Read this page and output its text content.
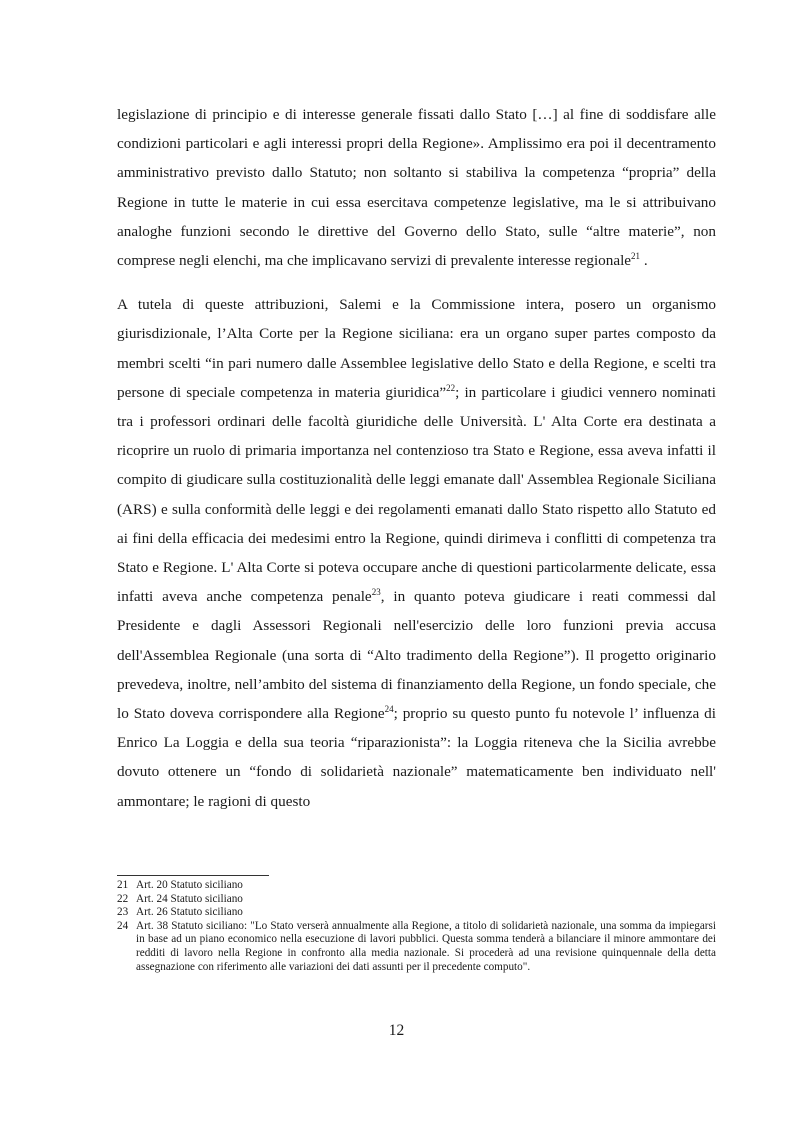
legislazione di principio e di interesse generale fissati dallo Stato […] al fine di soddisfare alle condizioni particolari e agli interessi propri della Regione». Amplissimo era poi il decentramento amministrativo previsto dallo Statuto; non soltanto si stabiliva la competenza “propria” della Regione in tutte le materie in cui essa esercitava competenze legislative, ma le si attribuivano analoghe funzioni secondo le direttive del Governo dello Stato, sulle “altre materie”, non comprese negli elenchi, ma che implicavano servizi di prevalente interesse regionale$^{21}$ .

A tutela di queste attribuzioni, Salemi e la Commissione intera, posero un organismo giurisdizionale, l’Alta Corte per la Regione siciliana: era un organo super partes composto da membri scelti “in pari numero dalle Assemblee legislative dello Stato e della Regione, e scelti tra persone di speciale competenza in materia giuridica”$^{22}$; in particolare i giudici vennero nominati tra i professori ordinari delle facoltà giuridiche delle Università. L' Alta Corte era destinata a ricoprire un ruolo di primaria importanza nel contenzioso tra Stato e Regione, essa aveva infatti il compito di giudicare sulla costituzionalità delle leggi emanate dall' Assemblea Regionale Siciliana (ARS) e sulla conformità delle leggi e dei regolamenti emanati dallo Stato rispetto allo Statuto ed ai fini della efficacia dei medesimi entro la Regione, quindi dirimeva i conflitti di competenza tra Stato e Regione. L' Alta Corte si poteva occupare anche di questioni particolarmente delicate, essa infatti aveva anche competenza penale$^{23}$, in quanto poteva giudicare i reati commessi dal Presidente e dagli Assessori Regionali nell'esercizio delle loro funzioni previa accusa dell'Assemblea Regionale (una sorta di “Alto tradimento della Regione”). Il progetto originario prevedeva, inoltre, nell’ambito del sistema di finanziamento della Regione, un fondo speciale, che lo Stato doveva corrispondere alla Regione$^{24}$; proprio su questo punto fu notevole l’ influenza di Enrico La Loggia e della sua teoria “riparazionista”: la Loggia riteneva che la Sicilia avrebbe dovuto ottenere un “fondo di solidarietà nazionale” matematicamente ben individuato nell' ammontare; le ragioni di questo

21 Art. 20 Statuto siciliano
22 Art. 24 Statuto siciliano
23 Art. 26 Statuto siciliano
24 Art. 38 Statuto siciliano: "Lo Stato verserà annualmente alla Regione, a titolo di solidarietà nazionale, una somma da impiegarsi in base ad un piano economico nella esecuzione di lavori pubblici. Questa somma tenderà a bilanciare il minore ammontare dei redditi di lavoro nella Regione in confronto alla media nazionale. Si procederà ad una revisione quinquennale della detta assegnazione con riferimento alle variazioni dei dati assunti per il precedente computo".
12
